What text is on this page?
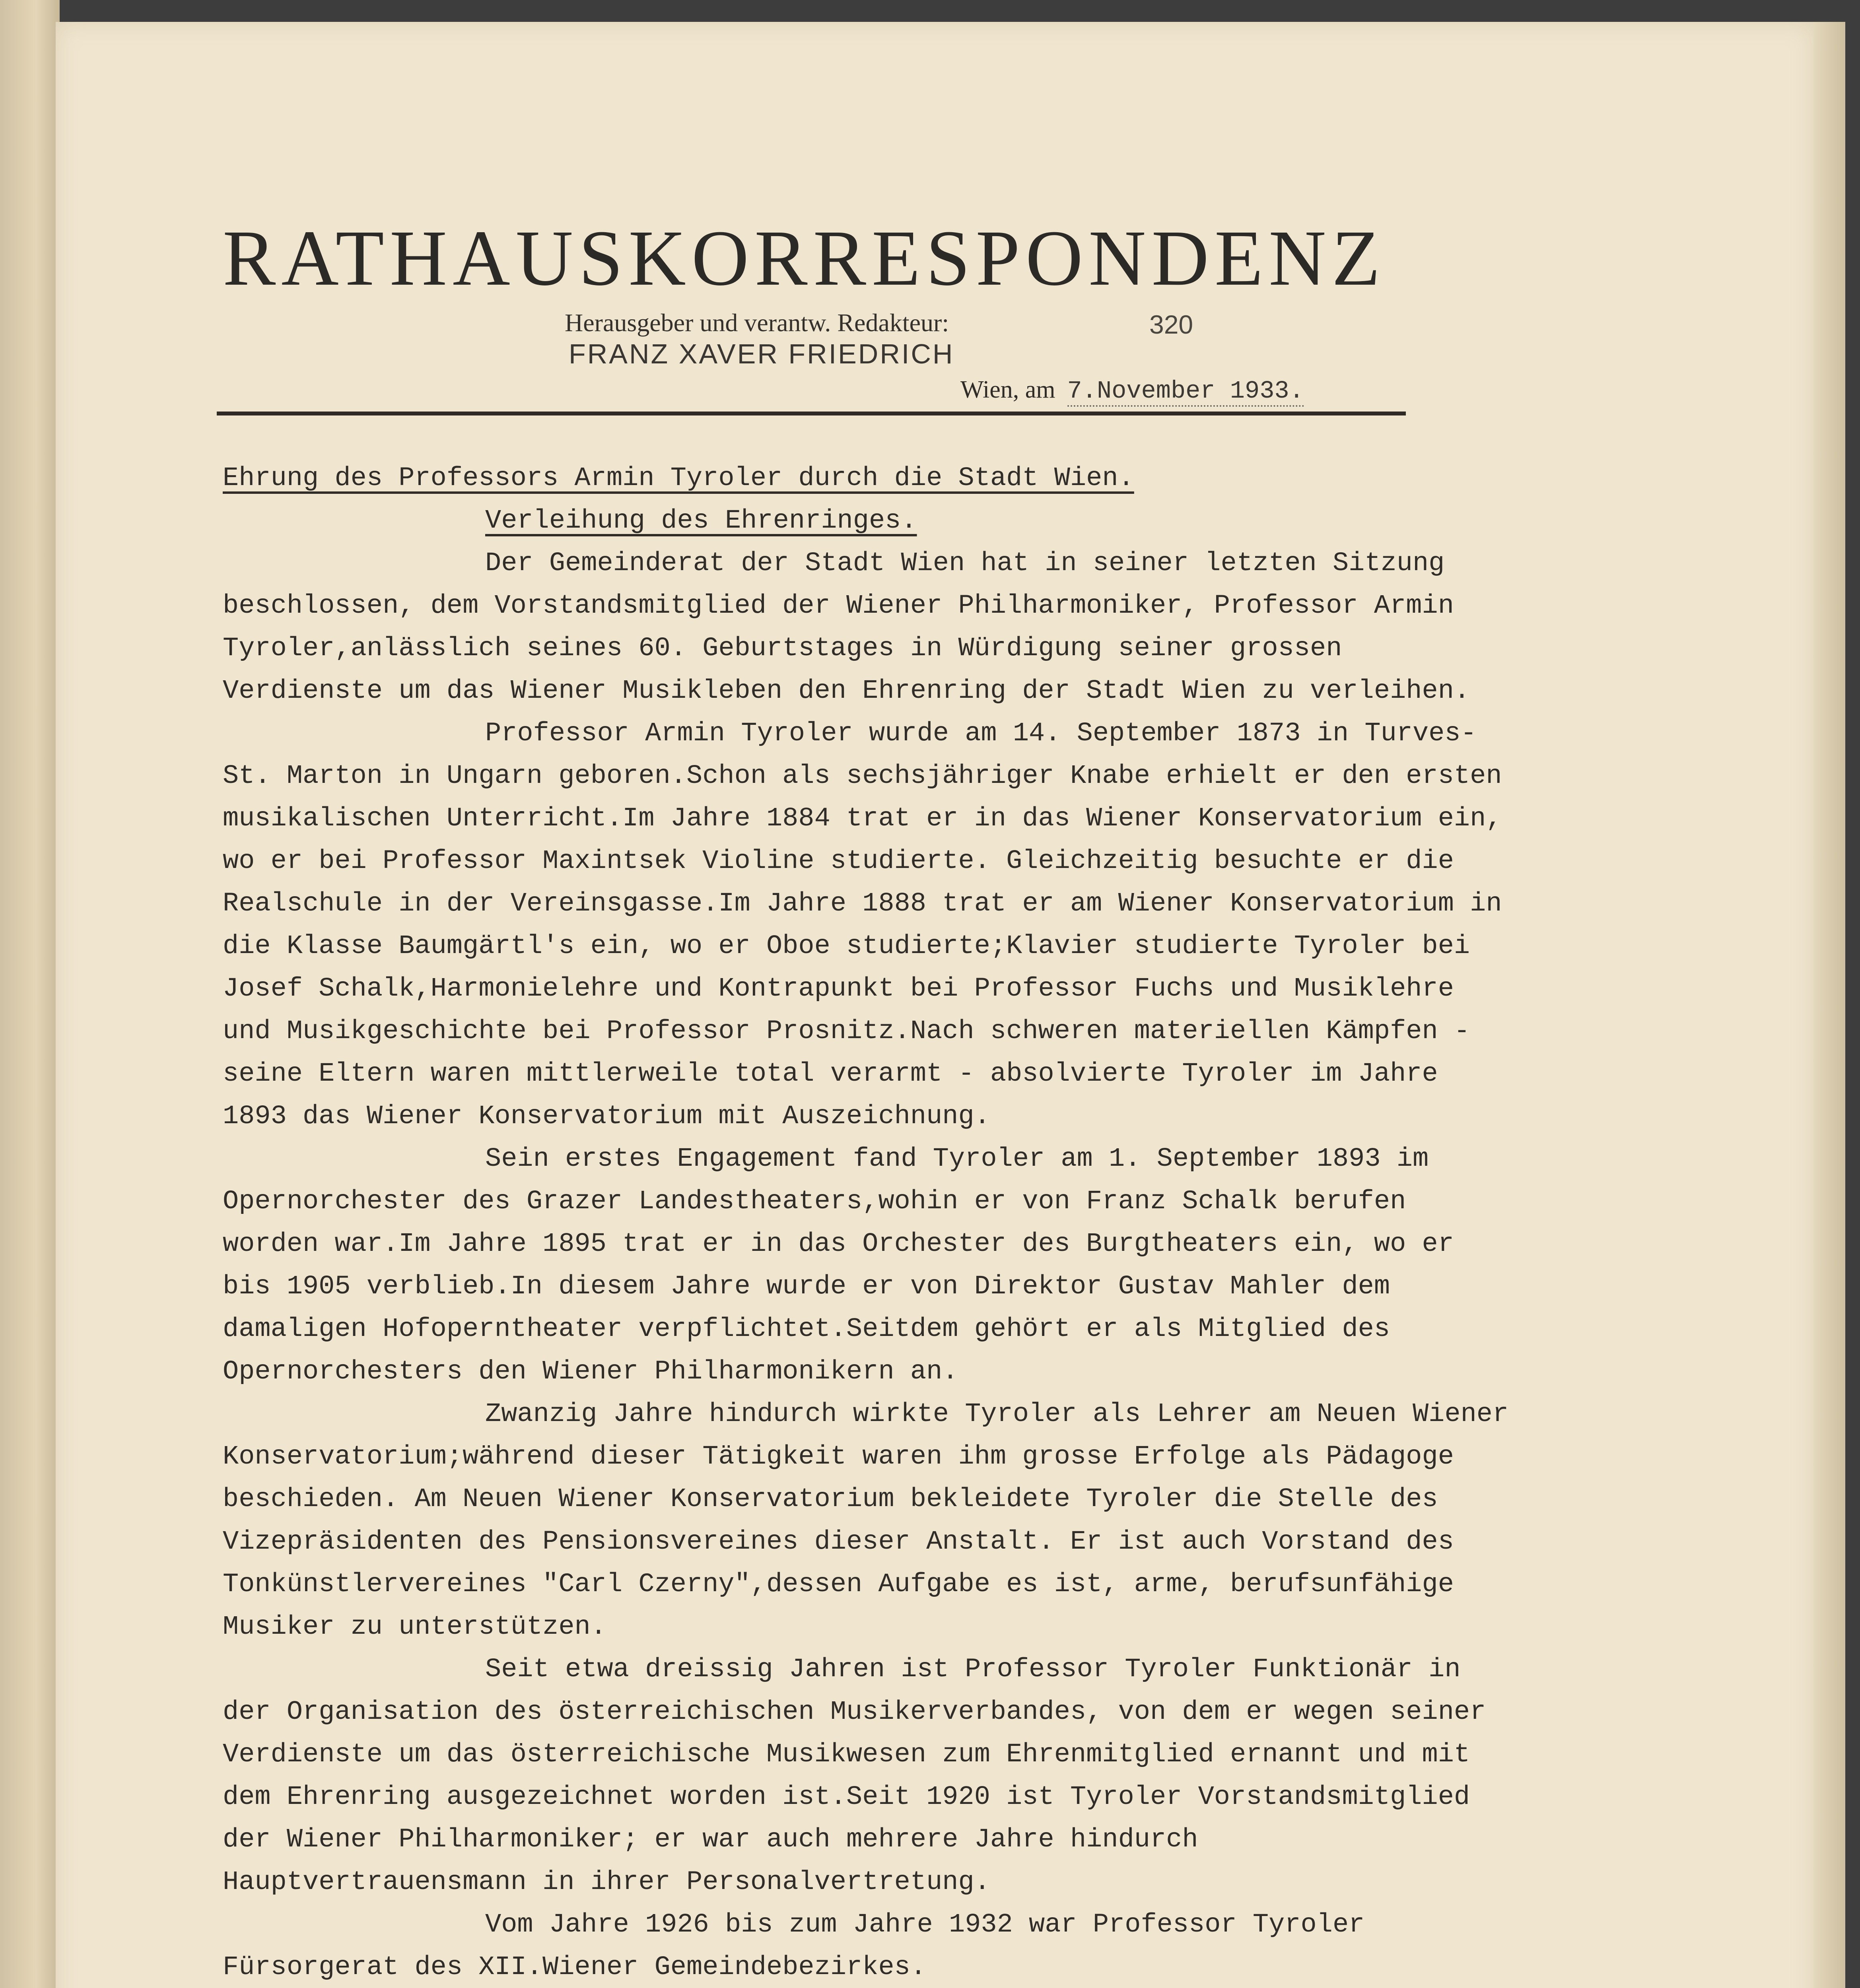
RATHAUSKORRESPONDENZ
Herausgeber und verantw. Redakteur:
FRANZ XAVER FRIEDRICH
320
Wien, am 7.November 1933.
Ehrung des Professors Armin Tyroler durch die Stadt Wien.
Verleihung des Ehrenringes.
Der Gemeinderat der Stadt Wien hat in seiner letzten Sitzung beschlossen, dem Vorstandsmitglied der Wiener Philharmoniker, Professor Armin Tyroler,anlässlich seines 60. Geburtstages in Würdigung seiner grossen Verdienste um das Wiener Musikleben den Ehrenring der Stadt Wien zu verleihen.
Professor Armin Tyroler wurde am 14. September 1873 in Turves- St. Marton in Ungarn geboren.Schon als sechsjähriger Knabe erhielt er den ersten musikalischen Unterricht.Im Jahre 1884 trat er in das Wiener Konservatorium ein, wo er bei Professor Maxintsek Violine studierte. Gleichzeitig besuchte er die Realschule in der Vereinsgasse.Im Jahre 1888 trat er am Wiener Konservatorium in die Klasse Baumgärtl's ein, wo er Oboe studierte;Klavier studierte Tyroler bei Josef Schalk,Harmonielehre und Kontrapunkt bei Professor Fuchs und Musiklehre und Musikgeschichte bei Professor Prosnitz.Nach schweren materiellen Kämpfen - seine Eltern waren mittlerweile total verarmt - absolvierte Tyroler im Jahre 1893 das Wiener Konservatorium mit Auszeichnung.
Sein erstes Engagement fand Tyroler am 1. September 1893 im Opernorchester des Grazer Landestheaters,wohin er von Franz Schalk berufen worden war.Im Jahre 1895 trat er in das Orchester des Burgtheaters ein, wo er bis 1905 verblieb.In diesem Jahre wurde er von Direktor Gustav Mahler dem damaligen Hofoperntheater verpflichtet.Seitdem gehört er als Mitglied des Opernorchesters den Wiener Philharmonikern an.
Zwanzig Jahre hindurch wirkte Tyroler als Lehrer am Neuen Wiener Konservatorium;während dieser Tätigkeit waren ihm grosse Erfolge als Pädagoge beschieden. Am Neuen Wiener Konservatorium bekleidete Tyroler die Stelle des Vizepräsidenten des Pensionsvereines dieser Anstalt. Er ist auch Vorstand des Tonkünstlervereines "Carl Czerny",dessen Aufgabe es ist, arme, berufsunfähige Musiker zu unterstützen.
Seit etwa dreissig Jahren ist Professor Tyroler Funktionär in der Organisation des österreichischen Musikerverbandes, von dem er wegen seiner Verdienste um das österreichische Musikwesen zum Ehrenmitglied ernannt und mit dem Ehrenring ausgezeichnet worden ist.Seit 1920 ist Tyroler Vorstandsmitglied der Wiener Philharmoniker; er war auch mehrere Jahre hindurch Hauptvertrauensmann in ihrer Personalvertretung.
Vom Jahre 1926 bis zum Jahre 1932 war Professor Tyroler Fürsorgerat des XII.Wiener Gemeindebezirkes.
